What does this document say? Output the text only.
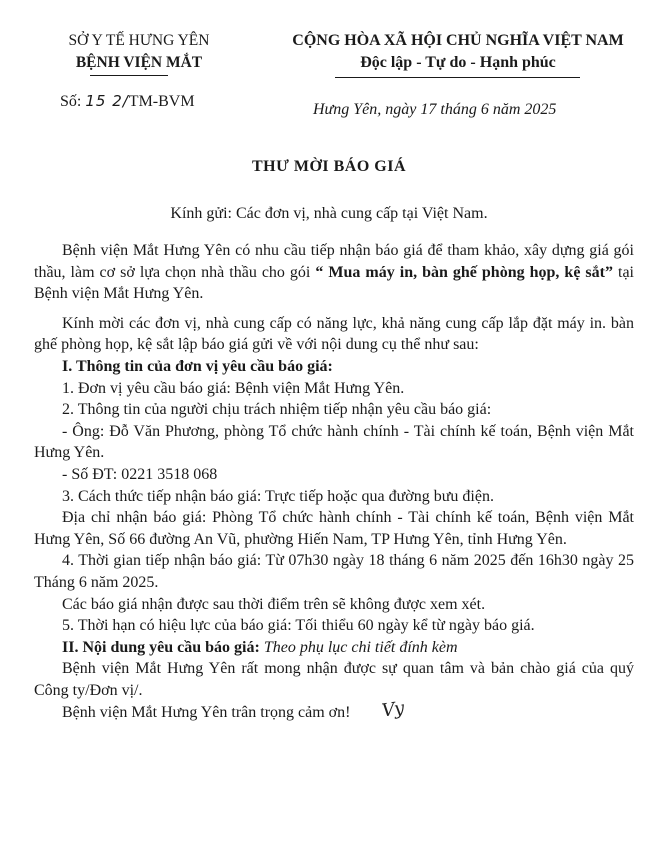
SỞ Y TẾ HƯNG YÊN
BỆNH VIỆN MẮT
CỘNG HÒA XÃ HỘI CHỦ NGHĨA VIỆT NAM
Độc lập - Tự do - Hạnh phúc
Số: 15 2/TM-BVM	Hưng Yên, ngày 17 tháng 6 năm 2025
THƯ MỜI BÁO GIÁ
Kính gửi: Các đơn vị, nhà cung cấp tại Việt Nam.

Bệnh viện Mắt Hưng Yên có nhu cầu tiếp nhận báo giá để tham khảo, xây dựng giá gói thầu, làm cơ sở lựa chọn nhà thầu cho gói “ Mua máy in, bàn ghế phòng họp, kệ sắt” tại Bệnh viện Mắt Hưng Yên.

Kính mời các đơn vị, nhà cung cấp có năng lực, khả năng cung cấp lắp đặt máy in. bàn ghế phòng họp, kệ sắt lập báo giá gửi về với nội dung cụ thể như sau:

I. Thông tin của đơn vị yêu cầu báo giá:

1. Đơn vị yêu cầu báo giá: Bệnh viện Mắt Hưng Yên.

2. Thông tin của người chịu trách nhiệm tiếp nhận yêu cầu báo giá:

- Ông: Đỗ Văn Phương, phòng Tổ chức hành chính - Tài chính kế toán, Bệnh viện Mắt Hưng Yên.

- Số ĐT: 0221 3518 068

3. Cách thức tiếp nhận báo giá: Trực tiếp hoặc qua đường bưu điện.

Địa chỉ nhận báo giá: Phòng Tổ chức hành chính - Tài chính kế toán, Bệnh viện Mắt Hưng Yên, Số 66 đường An Vũ, phường Hiến Nam, TP Hưng Yên, tỉnh Hưng Yên.

4. Thời gian tiếp nhận báo giá: Từ 07h30 ngày 18 tháng 6 năm 2025 đến 16h30 ngày 25 Tháng 6 năm 2025.

Các báo giá nhận được sau thời điểm trên sẽ không được xem xét.

5. Thời hạn có hiệu lực của báo giá: Tối thiểu 60 ngày kể từ ngày báo giá.

II. Nội dung yêu cầu báo giá: Theo phụ lục chi tiết đính kèm

Bệnh viện Mắt Hưng Yên rất mong nhận được sự quan tâm và bản chào giá của quý Công ty/Đơn vị/.

Bệnh viện Mắt Hưng Yên trân trọng cảm ơn! Vy
